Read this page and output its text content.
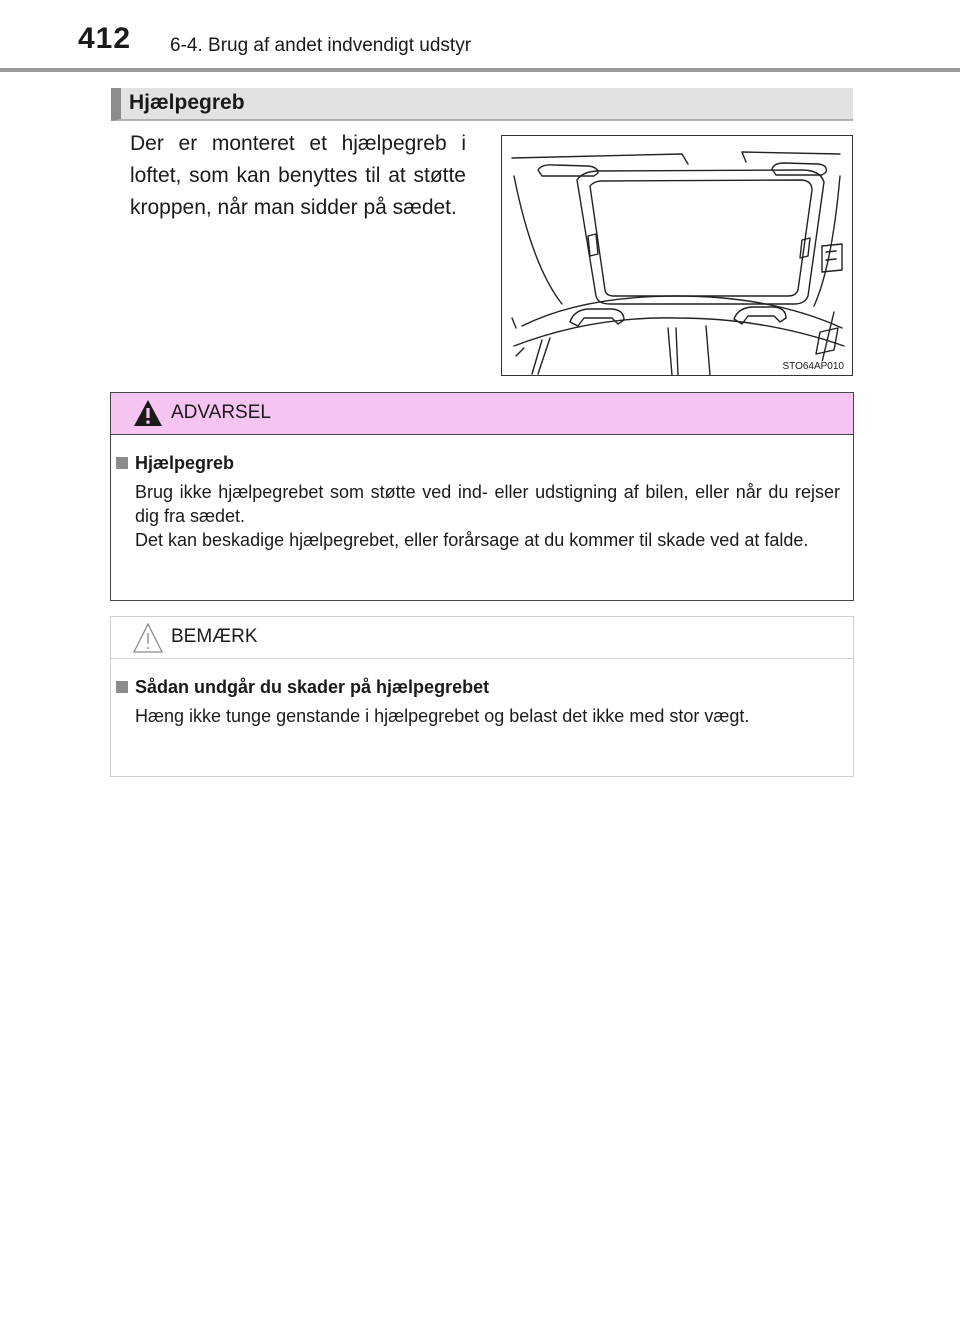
412 6-4. Brug af andet indvendigt udstyr
Hjælpegreb
Der er monteret et hjælpegreb i loftet, som kan benyttes til at støtte kroppen, når man sidder på sædet.
STO64AP010
ADVARSEL
Hjælpegreb

Brug ikke hjælpegrebet som støtte ved ind- eller udstigning af bilen, eller når du rejser dig fra sædet.

Det kan beskadige hjælpegrebet, eller forårsage at du kommer til skade ved at falde.

BEMÆRK
Sådan undgår du skader på hjælpegrebet

Hæng ikke tunge genstande i hjælpegrebet og belast det ikke med stor vægt.
